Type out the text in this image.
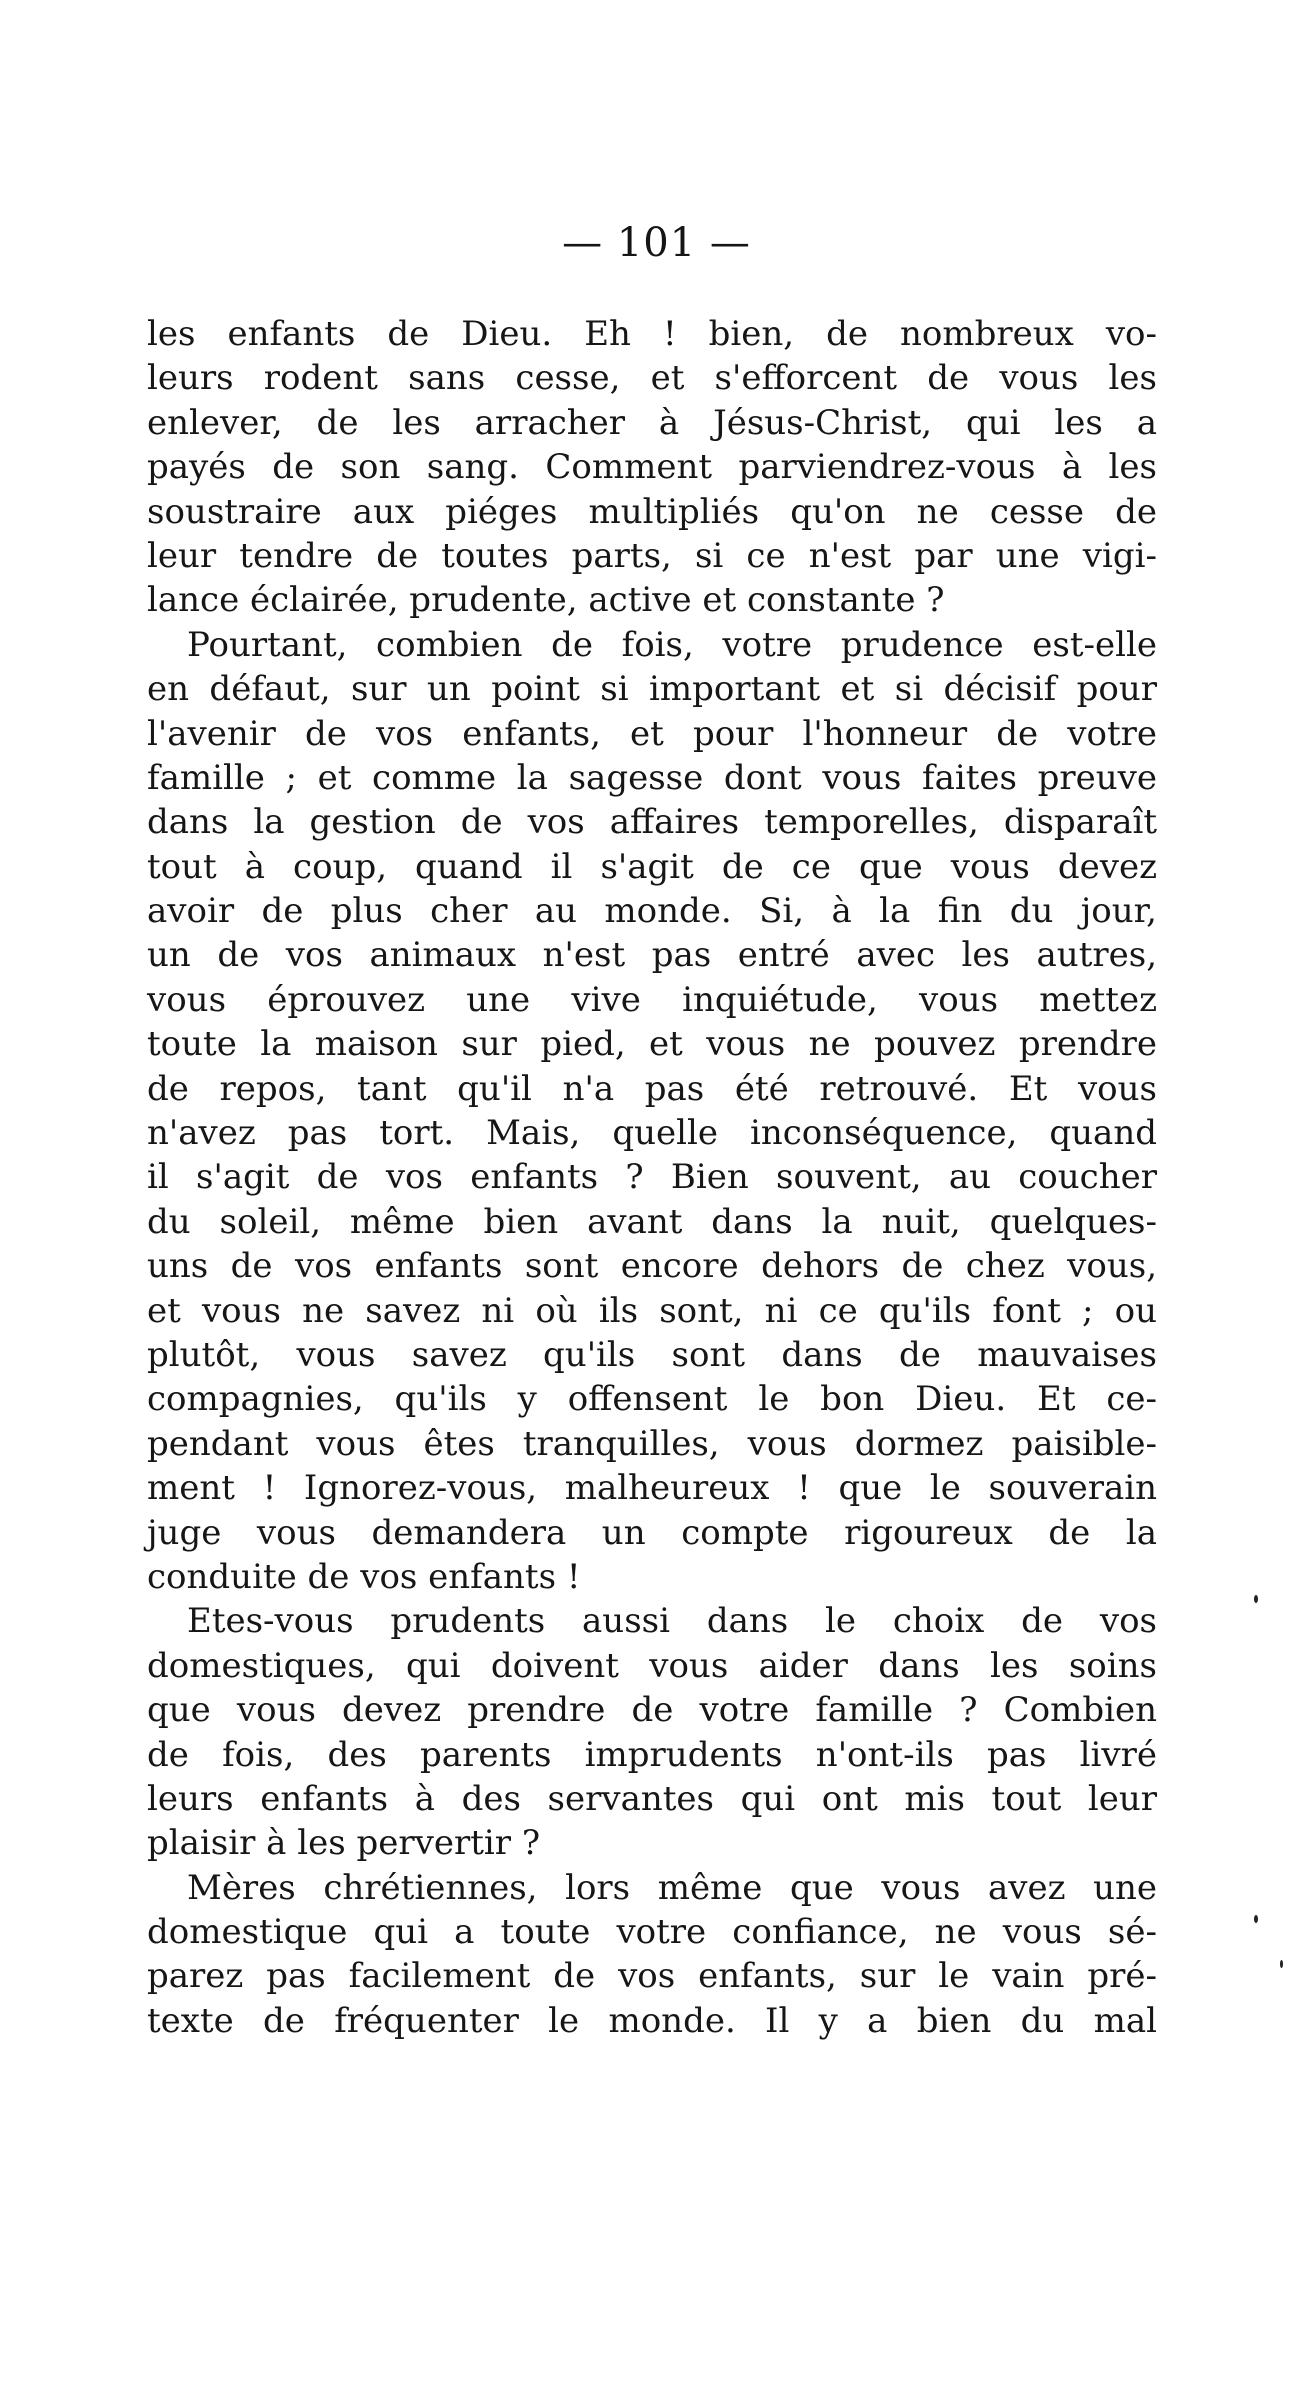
— 101 —
les enfants de Dieu. Eh ! bien, de nombreux vo-
leurs rodent sans cesse, et s'efforcent de vous les
enlever, de les arracher à Jésus-Christ, qui les a
payés de son sang. Comment parviendrez-vous à les
soustraire aux piéges multipliés qu'on ne cesse de
leur tendre de toutes parts, si ce n'est par une vigi-
lance éclairée, prudente, active et constante ?
Pourtant, combien de fois, votre prudence est-elle
en défaut, sur un point si important et si décisif pour
l'avenir de vos enfants, et pour l'honneur de votre
famille ; et comme la sagesse dont vous faites preuve
dans la gestion de vos affaires temporelles, disparaît
tout à coup, quand il s'agit de ce que vous devez
avoir de plus cher au monde. Si, à la fin du jour,
un de vos animaux n'est pas entré avec les autres,
vous éprouvez une vive inquiétude, vous mettez
toute la maison sur pied, et vous ne pouvez prendre
de repos, tant qu'il n'a pas été retrouvé. Et vous
n'avez pas tort. Mais, quelle inconséquence, quand
il s'agit de vos enfants ? Bien souvent, au coucher
du soleil, même bien avant dans la nuit, quelques-
uns de vos enfants sont encore dehors de chez vous,
et vous ne savez ni où ils sont, ni ce qu'ils font ; ou
plutôt, vous savez qu'ils sont dans de mauvaises
compagnies, qu'ils y offensent le bon Dieu. Et ce-
pendant vous êtes tranquilles, vous dormez paisible-
ment ! Ignorez-vous, malheureux ! que le souverain
juge vous demandera un compte rigoureux de la
conduite de vos enfants !
Etes-vous prudents aussi dans le choix de vos
domestiques, qui doivent vous aider dans les soins
que vous devez prendre de votre famille ? Combien
de fois, des parents imprudents n'ont-ils pas livré
leurs enfants à des servantes qui ont mis tout leur
plaisir à les pervertir ?
Mères chrétiennes, lors même que vous avez une
domestique qui a toute votre confiance, ne vous sé-
parez pas facilement de vos enfants, sur le vain pré-
texte de fréquenter le monde. Il y a bien du mal
